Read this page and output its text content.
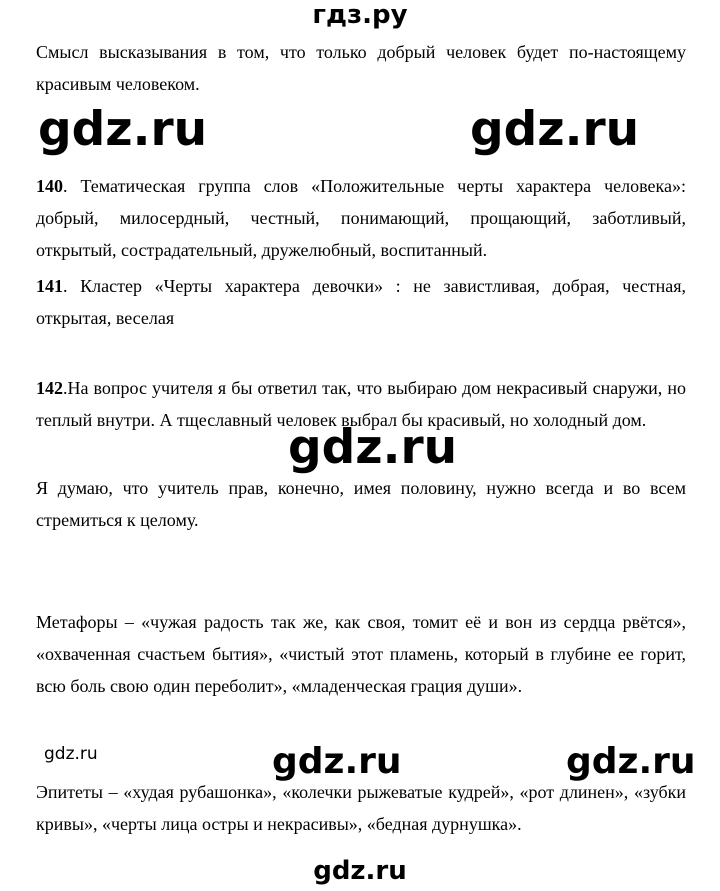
гдз.ру

Смысл высказывания в том, что только добрый человек будет по-настоящему красивым человеком.

gdz.ru	gdz.ru

140. Тематическая группа слов «Положительные черты характера человека»: добрый, милосердный, честный, понимающий, прощающий, заботливый, открытый, сострадательный, дружелюбный, воспитанный.

141. Кластер «Черты характера девочки» : не завистливая, добрая, честная, открытая, веселая

142.На вопрос учителя я бы ответил так, что выбираю дом некрасивый снаружи, но теплый внутри. А тщеславный человек выбрал бы красивый, но холодный дом.

gdz.ru

Я думаю, что учитель прав, конечно, имея половину, нужно всегда и во всем стремиться к целому.

Метафоры – «чужая радость так же, как своя, томит её и вон из сердца рвётся», «охваченная счастьем бытия», «чистый этот пламень, который в глубине ее горит, всю боль свою один переболит», «младенческая грация души».

gdz.ru	gdz.ru	gdz.ru

Эпитеты – «худая рубашонка», «колечки рыжеватые кудрей», «рот длинен», «зубки кривы», «черты лица остры и некрасивы», «бедная дурнушка».

gdz.ru
